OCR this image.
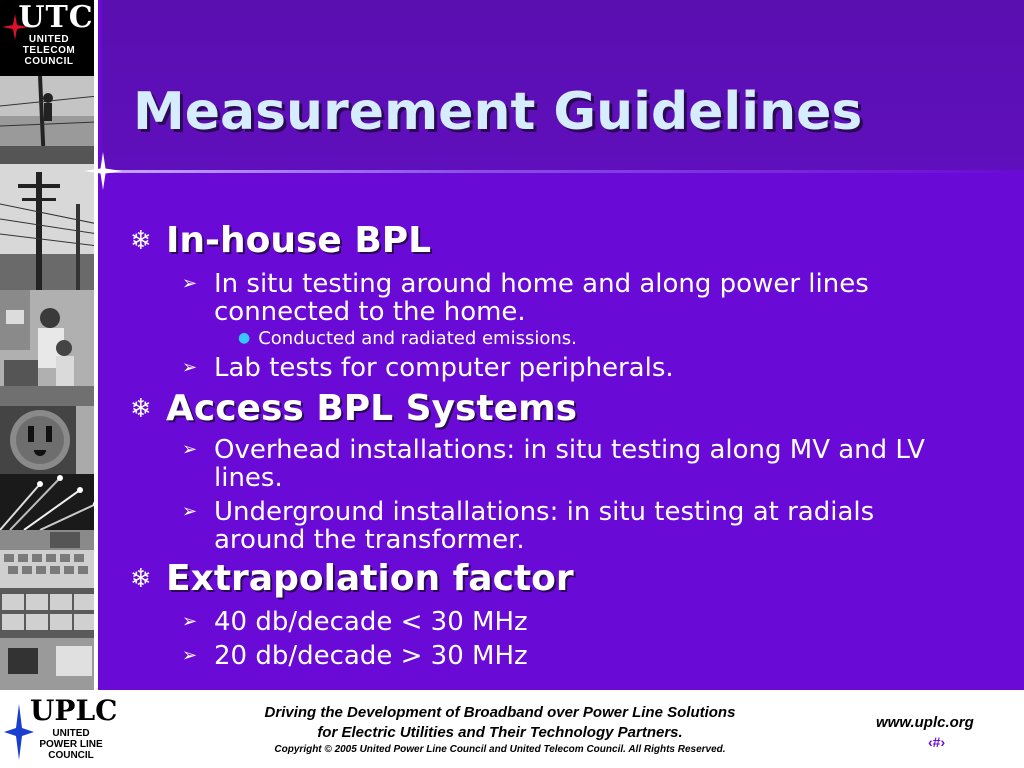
UTC
UNITED
TELECOM
COUNCIL
Measurement Guidelines
❄ In-house BPL
➢ In situ testing around home and along power lines connected to the home.
● Conducted and radiated emissions.
➢ Lab tests for computer peripherals.
❄ Access BPL Systems
➢ Overhead installations: in situ testing along MV and LV lines.
➢ Underground installations: in situ testing at radials around the transformer.
❄ Extrapolation factor
➢ 40 db/decade < 30 MHz
➢ 20 db/decade > 30 MHz
UPLC
UNITED
POWER LINE
COUNCIL
Driving the Development of Broadband over Power Line Solutions
for Electric Utilities and Their Technology Partners.
Copyright © 2005 United Power Line Council and United Telecom Council. All Rights Reserved.
www.uplc.org
‹#›
